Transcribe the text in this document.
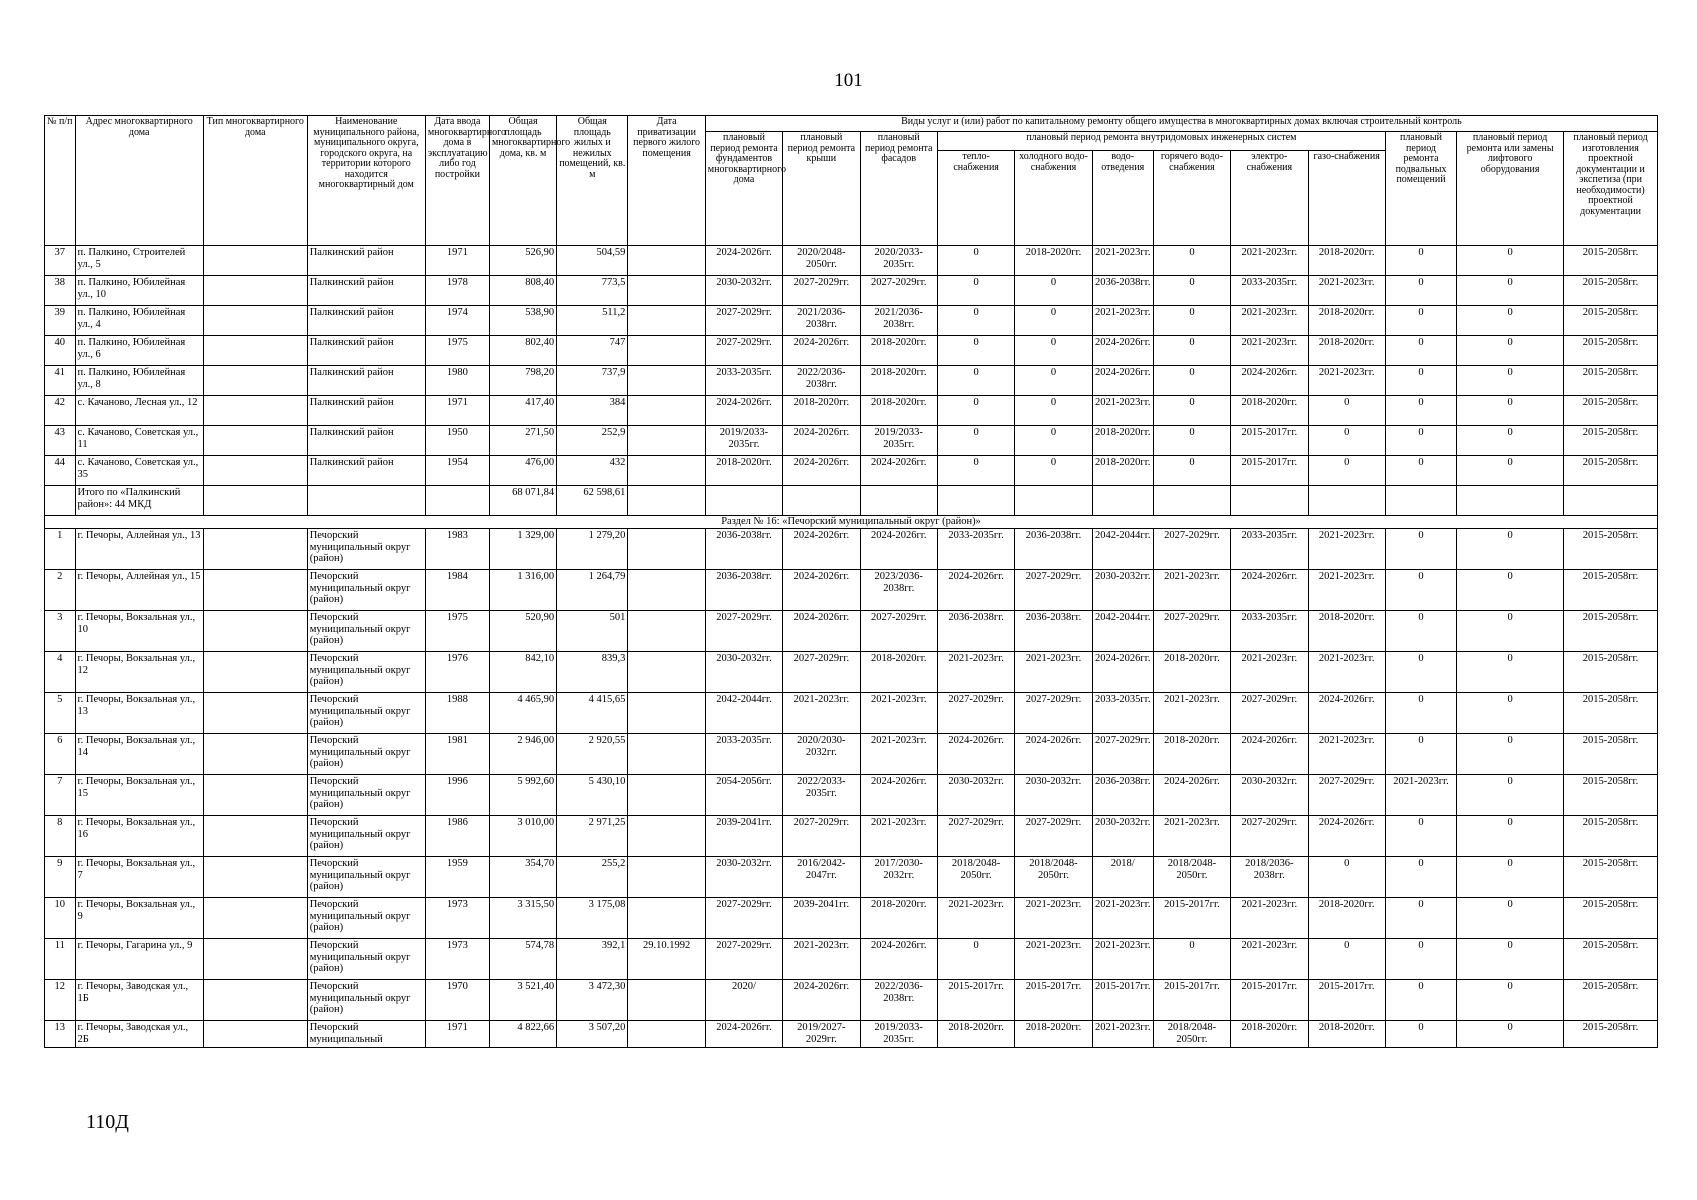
101
№ п/п	Адрес многоквартирного дома	Тип многоквартирного дома	Наименование муниципального района, муниципального округа, городского округа, на территории которого находится многоквартирный дом	Дата ввода многоквартирного дома в эксплуатацию либо год постройки	Общая площадь многоквартирного дома, кв. м	Общая площадь жилых и нежилых помещений, кв. м	Дата приватизации первого жилого помещения	Виды услуг и (или) работ по капитальному ремонту общего имущества в многоквартирных домах включая строительный контроль											
								плановый период ремонта фундаментов многоквартирного дома	плановый период ремонта крыши	плановый период ремонта фасадов	плановый период ремонта внутридомовых инженерных систем						плановый период ремонта подвальных помещений	плановый период ремонта или замены лифтового оборудования	плановый период изготовления проектной документации и экспетиза (при необходимости) проектной документации
											тепло-снабжения	холодного водо-снабжения	водо-отведения	горячего водо-снабжения	электро-снабжения	газо-снабжения			
37	п. Палкино, Строителей ул., 5		Палкинский район	1971	526,90	504,59		2024-2026гг.	2020/2048-2050гг.	2020/2033-2035гг.	0	2018-2020гг.	2021-2023гг.	0	2021-2023гг.	2018-2020гг.	0	0	2015-2058гг.
38	п. Палкино, Юбилейная ул., 10		Палкинский район	1978	808,40	773,5		2030-2032гг.	2027-2029гг.	2027-2029гг.	0	0	2036-2038гг.	0	2033-2035гг.	2021-2023гг.	0	0	2015-2058гг.
39	п. Палкино, Юбилейная ул., 4		Палкинский район	1974	538,90	511,2		2027-2029гг.	2021/2036-2038гг.	2021/2036-2038гг.	0	0	2021-2023гг.	0	2021-2023гг.	2018-2020гг.	0	0	2015-2058гг.
40	п. Палкино, Юбилейная ул., 6		Палкинский район	1975	802,40	747		2027-2029гг.	2024-2026гг.	2018-2020гг.	0	0	2024-2026гг.	0	2021-2023гг.	2018-2020гг.	0	0	2015-2058гг.
41	п. Палкино, Юбилейная ул., 8		Палкинский район	1980	798,20	737,9		2033-2035гг.	2022/2036-2038гг.	2018-2020гг.	0	0	2024-2026гг.	0	2024-2026гг.	2021-2023гг.	0	0	2015-2058гг.
42	с. Качаново, Лесная ул., 12		Палкинский район	1971	417,40	384		2024-2026гг.	2018-2020гг.	2018-2020гг.	0	0	2021-2023гг.	0	2018-2020гг.	0	0	0	2015-2058гг.
43	с. Качаново, Советская ул., 11		Палкинский район	1950	271,50	252,9		2019/2033-2035гг.	2024-2026гг.	2019/2033-2035гг.	0	0	2018-2020гг.	0	2015-2017гг.	0	0	0	2015-2058гг.
44	с. Качаново, Советская ул., 35		Палкинский район	1954	476,00	432		2018-2020гг.	2024-2026гг.	2024-2026гг.	0	0	2018-2020гг.	0	2015-2017гг.	0	0	0	2015-2058гг.
	Итого по «Палкинский район»: 44 МКД				68 071,84	62 598,61													
Раздел № 16: «Печорский муниципальный округ (район)»																			
1	г. Печоры, Аллейная ул., 13		Печорский муниципальный округ (район)	1983	1 329,00	1 279,20		2036-2038гг.	2024-2026гг.	2024-2026гг.	2033-2035гг.	2036-2038гг.	2042-2044гг.	2027-2029гг.	2033-2035гг.	2021-2023гг.	0	0	2015-2058гг.
2	г. Печоры, Аллейная ул., 15		Печорский муниципальный округ (район)	1984	1 316,00	1 264,79		2036-2038гг.	2024-2026гг.	2023/2036-2038гг.	2024-2026гг.	2027-2029гг.	2030-2032гг.	2021-2023гг.	2024-2026гг.	2021-2023гг.	0	0	2015-2058гг.
3	г. Печоры, Вокзальная ул., 10		Печорский муниципальный округ (район)	1975	520,90	501		2027-2029гг.	2024-2026гг.	2027-2029гг.	2036-2038гг.	2036-2038гг.	2042-2044гг.	2027-2029гг.	2033-2035гг.	2018-2020гг.	0	0	2015-2058гг.
4	г. Печоры, Вокзальная ул., 12		Печорский муниципальный округ (район)	1976	842,10	839,3		2030-2032гг.	2027-2029гг.	2018-2020гг.	2021-2023гг.	2021-2023гг.	2024-2026гг.	2018-2020гг.	2021-2023гг.	2021-2023гг.	0	0	2015-2058гг.
5	г. Печоры, Вокзальная ул., 13		Печорский муниципальный округ (район)	1988	4 465,90	4 415,65		2042-2044гг.	2021-2023гг.	2021-2023гг.	2027-2029гг.	2027-2029гг.	2033-2035гг.	2021-2023гг.	2027-2029гг.	2024-2026гг.	0	0	2015-2058гг.
6	г. Печоры, Вокзальная ул., 14		Печорский муниципальный округ (район)	1981	2 946,00	2 920,55		2033-2035гг.	2020/2030-2032гг.	2021-2023гг.	2024-2026гг.	2024-2026гг.	2027-2029гг.	2018-2020гг.	2024-2026гг.	2021-2023гг.	0	0	2015-2058гг.
7	г. Печоры, Вокзальная ул., 15		Печорский муниципальный округ (район)	1996	5 992,60	5 430,10		2054-2056гг.	2022/2033-2035гг.	2024-2026гг.	2030-2032гг.	2030-2032гг.	2036-2038гг.	2024-2026гг.	2030-2032гг.	2027-2029гг.	2021-2023гг.	0	2015-2058гг.
8	г. Печоры, Вокзальная ул., 16		Печорский муниципальный округ (район)	1986	3 010,00	2 971,25		2039-2041гг.	2027-2029гг.	2021-2023гг.	2027-2029гг.	2027-2029гг.	2030-2032гг.	2021-2023гг.	2027-2029гг.	2024-2026гг.	0	0	2015-2058гг.
9	г. Печоры, Вокзальная ул., 7		Печорский муниципальный округ (район)	1959	354,70	255,2		2030-2032гг.	2016/2042-2047гг.	2017/2030-2032гг.	2018/2048-2050гг.	2018/2048-2050гг.	2018/	2018/2048-2050гг.	2018/2036-2038гг.	0	0	0	2015-2058гг.
10	г. Печоры, Вокзальная ул., 9		Печорский муниципальный округ (район)	1973	3 315,50	3 175,08		2027-2029гг.	2039-2041гг.	2018-2020гг.	2021-2023гг.	2021-2023гг.	2021-2023гг.	2015-2017гг.	2021-2023гг.	2018-2020гг.	0	0	2015-2058гг.
11	г. Печоры, Гагарина ул., 9		Печорский муниципальный округ (район)	1973	574,78	392,1	29.10.1992	2027-2029гг.	2021-2023гг.	2024-2026гг.	0	2021-2023гг.	2021-2023гг.	0	2021-2023гг.	0	0	0	2015-2058гг.
12	г. Печоры, Заводская ул., 1Б		Печорский муниципальный округ (район)	1970	3 521,40	3 472,30		2020/	2024-2026гг.	2022/2036-2038гг.	2015-2017гг.	2015-2017гг.	2015-2017гг.	2015-2017гг.	2015-2017гг.	2015-2017гг.	0	0	2015-2058гг.
13	г. Печоры, Заводская ул., 2Б		Печорский муниципальный	1971	4 822,66	3 507,20		2024-2026гг.	2019/2027-2029гг.	2019/2033-2035гг.	2018-2020гг.	2018-2020гг.	2021-2023гг.	2018/2048-2050гг.	2018-2020гг.	2018-2020гг.	0	0	2015-2058гг.
110Д
